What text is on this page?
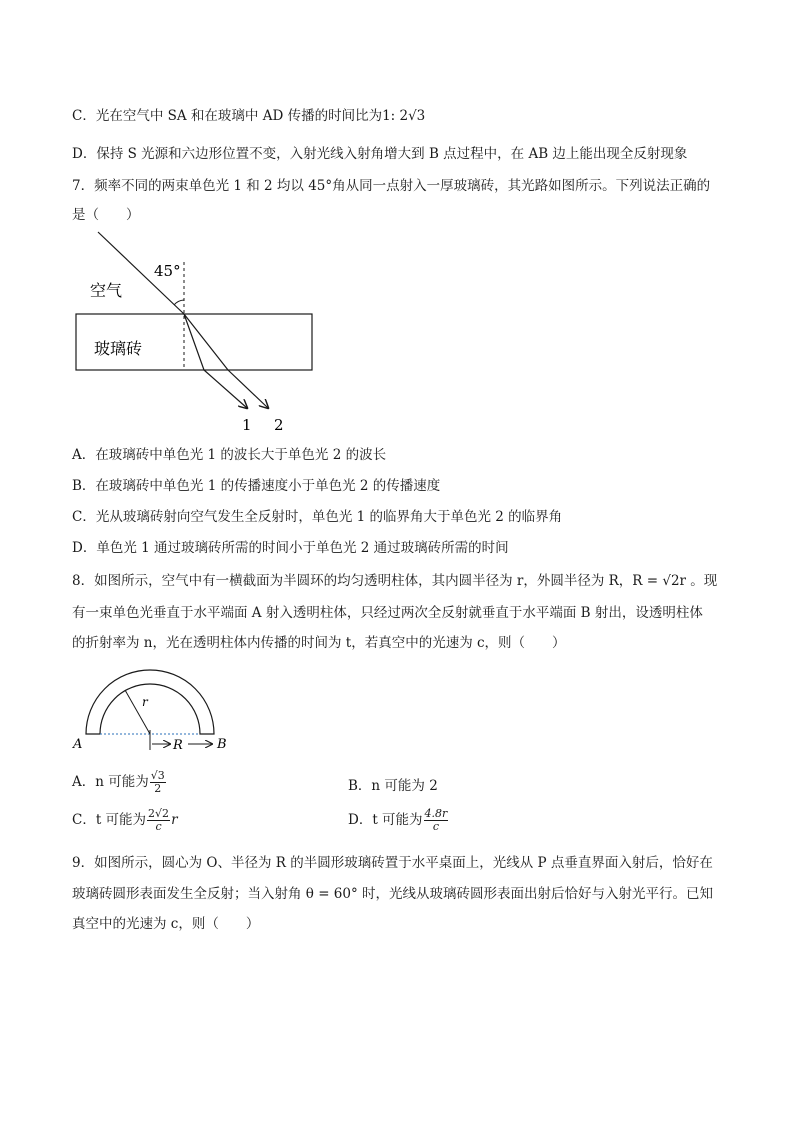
C．光在空气中 SA 和在玻璃中 AD 传播的时间比为1: 2√3
D．保持 S 光源和六边形位置不变，入射光线入射角增大到 B 点过程中，在 AB 边上能出现全反射现象
7．频率不同的两束单色光 1 和 2 均以 45°角从同一点射入一厚玻璃砖，其光路如图所示。下列说法正确的
是（　　）
45°
空气
玻璃砖
1 2
A．在玻璃砖中单色光 1 的波长大于单色光 2 的波长
B．在玻璃砖中单色光 1 的传播速度小于单色光 2 的传播速度
C．光从玻璃砖射向空气发生全反射时，单色光 1 的临界角大于单色光 2 的临界角
D．单色光 1 通过玻璃砖所需的时间小于单色光 2 通过玻璃砖所需的时间
8．如图所示，空气中有一横截面为半圆环的均匀透明柱体，其内圆半径为 r，外圆半径为 R，R = √2r 。现
有一束单色光垂直于水平端面 A 射入透明柱体，只经过两次全反射就垂直于水平端面 B 射出，设透明柱体
的折射率为 n，光在透明柱体内传播的时间为 t，若真空中的光速为 c，则（　　）
r
R
A	B
A．n 可能为 $\frac{√3}{2}$	B．n 可能为 2
C．t 可能为 $\frac{2√2}{c}$ r	D．t 可能为 $\frac{4.8r}{c}$
9．如图所示，圆心为 O、半径为 R 的半圆形玻璃砖置于水平桌面上，光线从 P 点垂直界面入射后，恰好在
玻璃砖圆形表面发生全反射；当入射角 θ = 60° 时，光线从玻璃砖圆形表面出射后恰好与入射光平行。已知
真空中的光速为 c，则（　　）
